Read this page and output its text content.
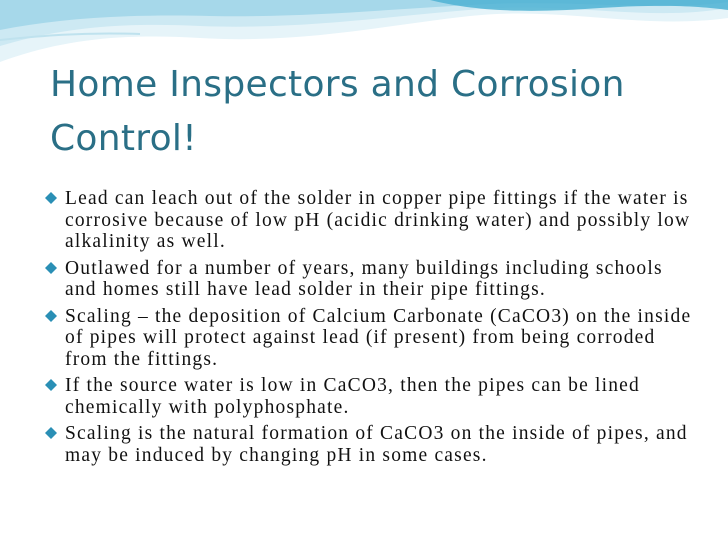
Home Inspectors and Corrosion Control!
Lead can leach out of the solder in copper pipe fittings if the water is corrosive because of low pH (acidic drinking water) and possibly low alkalinity as well.
Outlawed for a number of years, many buildings including schools and homes still have lead solder in their pipe fittings.
Scaling – the deposition of Calcium Carbonate (CaCO3) on the inside of pipes will protect against lead (if present) from being corroded from the fittings.
If the source water is low in CaCO3, then the pipes can be lined chemically with polyphosphate.
Scaling is the natural formation of CaCO3 on the inside of pipes, and may be induced by changing pH in some cases.
